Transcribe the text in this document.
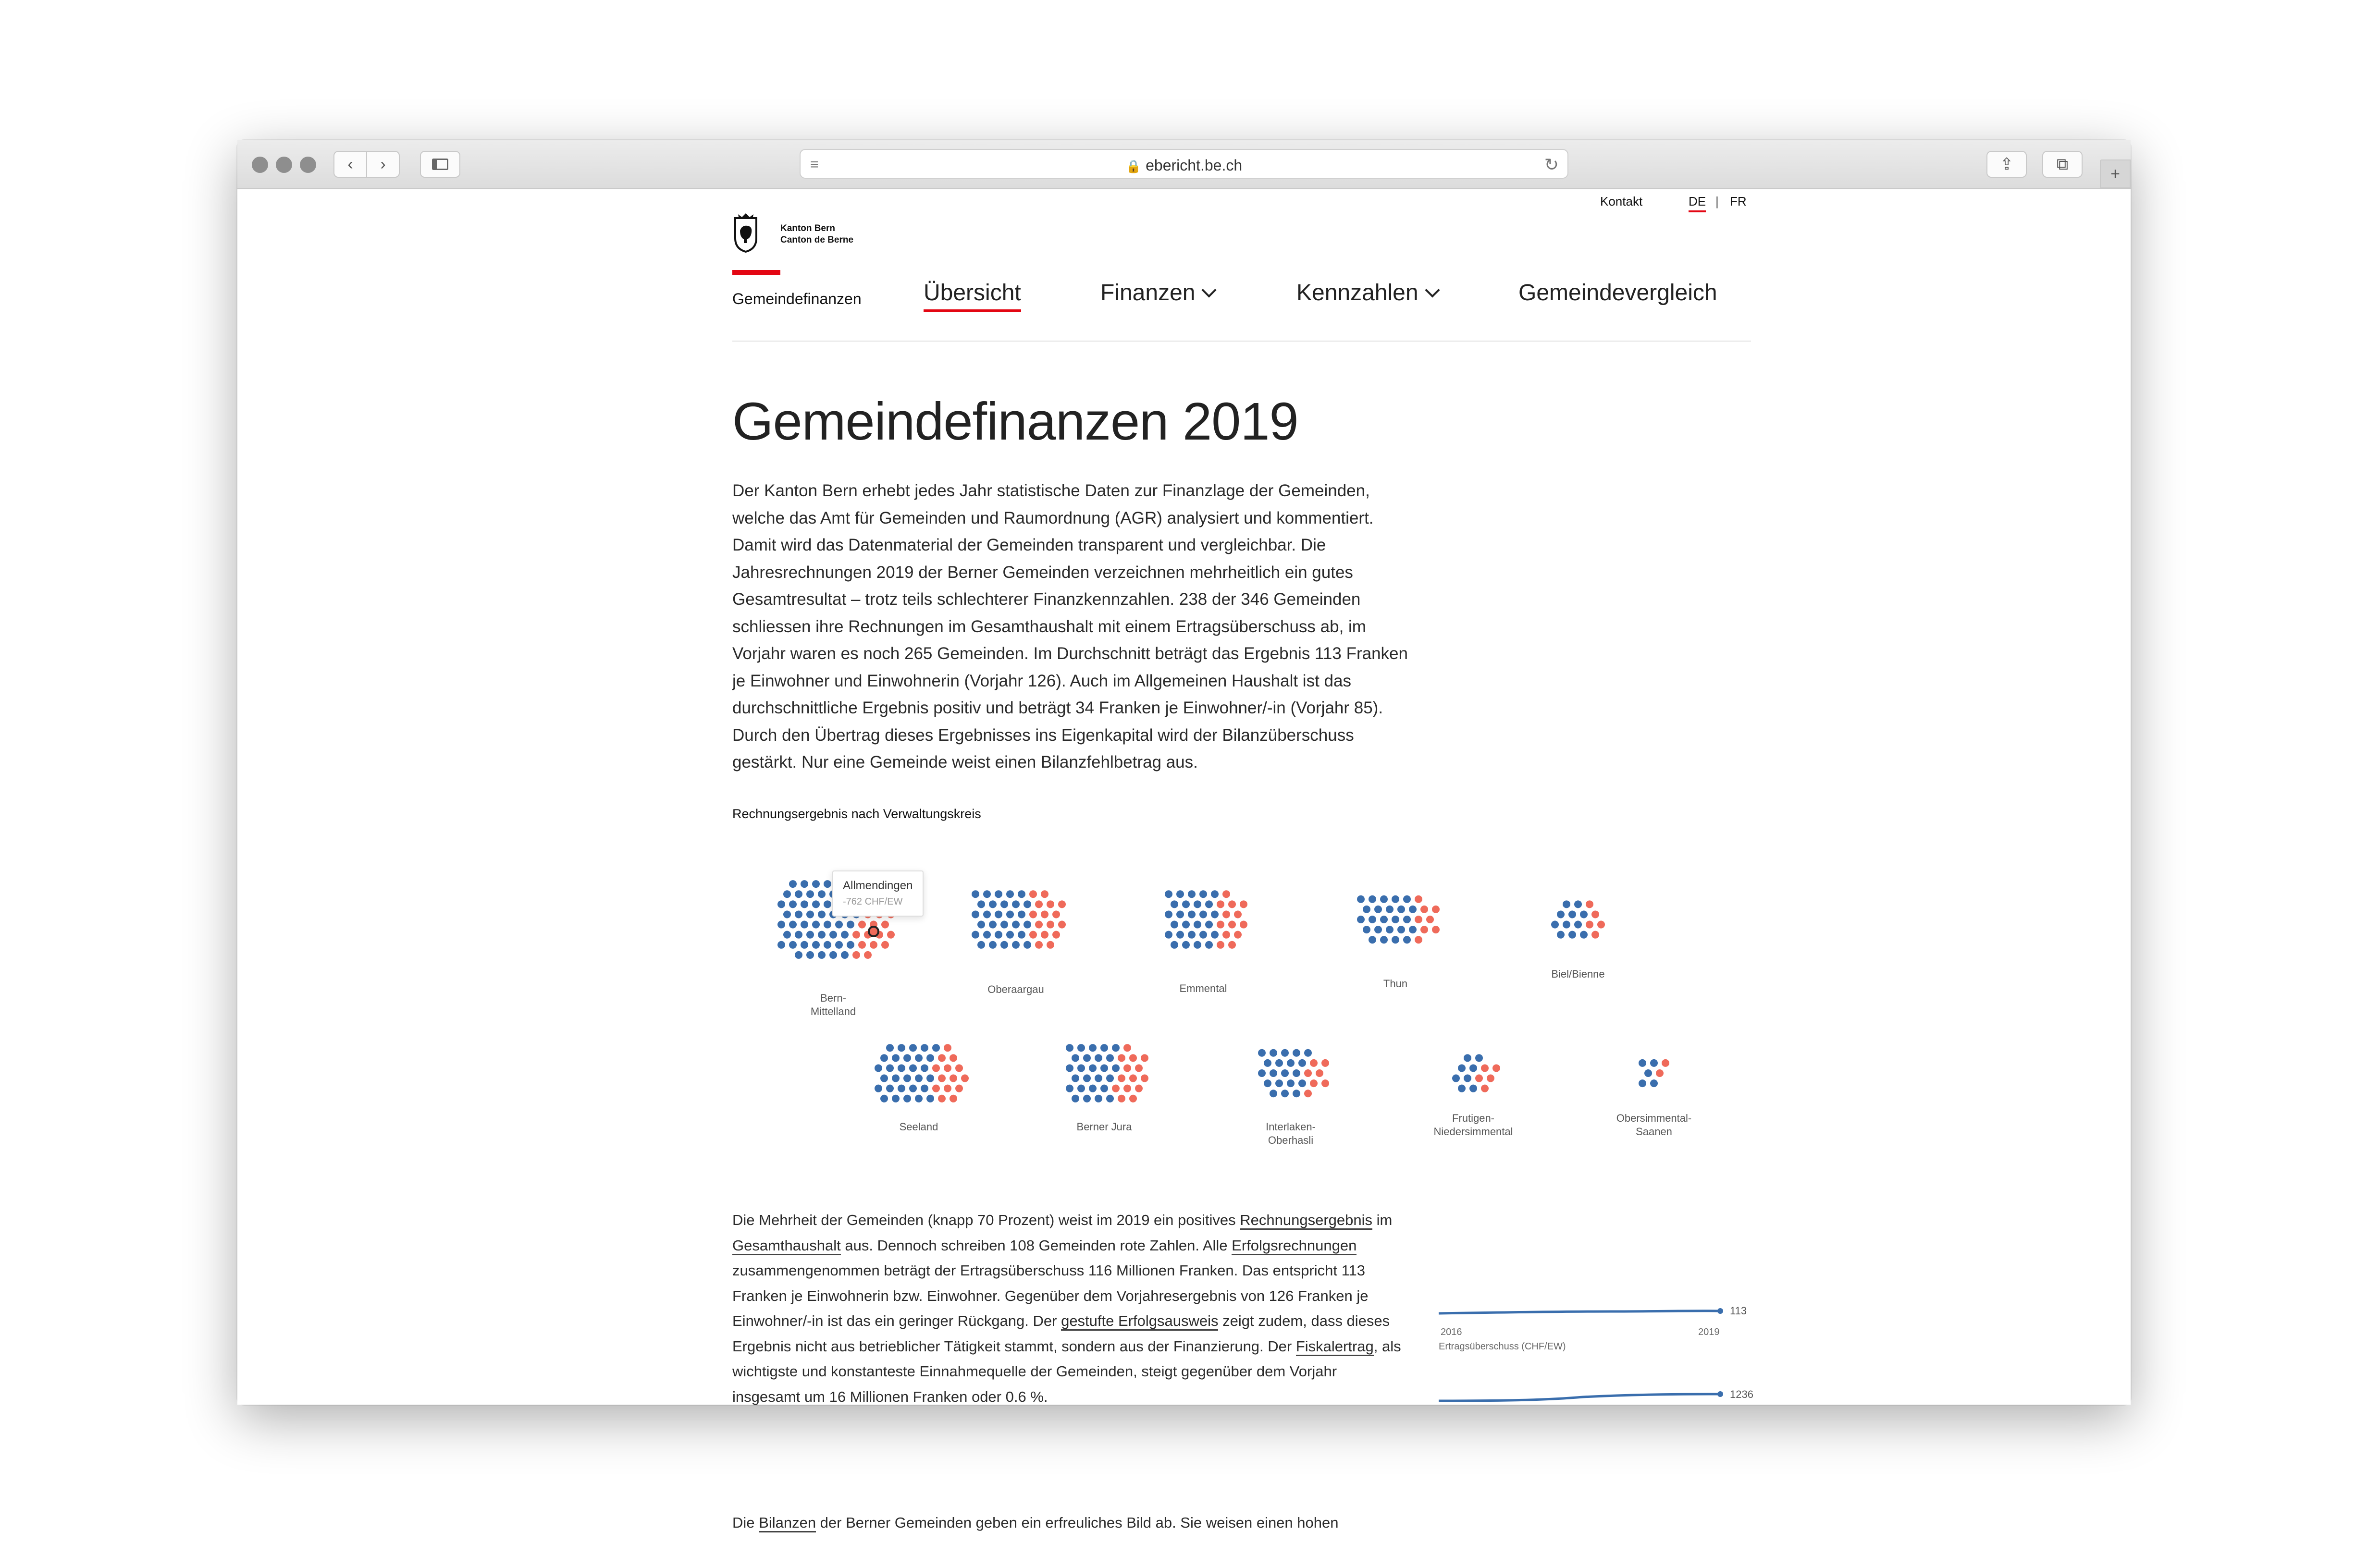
‹ ›	≡	🔒 ebericht.be.ch	↻	⇪	⧉
+
Kanton Bern
Canton de Berne
Gemeindefinanzen
Kontakt	DE | FR
Übersicht	Finanzen	Kennzahlen	Gemeindevergleich
Gemeindefinanzen 2019
Der Kanton Bern erhebt jedes Jahr statistische Daten zur Finanzlage der Gemeinden, welche das Amt für Gemeinden und Raumordnung (AGR) analysiert und kommentiert. Damit wird das Datenmaterial der Gemeinden transparent und vergleichbar. Die Jahresrechnungen 2019 der Berner Gemeinden verzeichnen mehrheitlich ein gutes Gesamtresultat – trotz teils schlechterer Finanzkennzahlen. 238 der 346 Gemeinden schliessen ihre Rechnungen im Gesamthaushalt mit einem Ertragsüberschuss ab, im Vorjahr waren es noch 265 Gemeinden. Im Durchschnitt beträgt das Ergebnis 113 Franken je Einwohner und Einwohnerin (Vorjahr 126). Auch im Allgemeinen Haushalt ist das durchschnittliche Ergebnis positiv und beträgt 34 Franken je Einwohner/-in (Vorjahr 85). Durch den Übertrag dieses Ergebnisses ins Eigenkapital wird der Bilanzüberschuss gestärkt. Nur eine Gemeinde weist einen Bilanzfehlbetrag aus.
Rechnungsergebnis nach Verwaltungskreis
Bern-
Mittelland
Oberaargau	Emmental	Thun
Biel/Bienne
Seeland	Berner Jura	Interlaken-
Oberhasli
Frutigen-
Niedersimmental
Obersimmental-
Saanen
Allmendingen
-762 CHF/EW
Die Mehrheit der Gemeinden (knapp 70 Prozent) weist im 2019 ein positives Rechnungsergebnis im Gesamthaushalt aus. Dennoch schreiben 108 Gemeinden rote Zahlen. Alle Erfolgsrechnungen zusammengenommen beträgt der Ertragsüberschuss 116 Millionen Franken. Das entspricht 113 Franken je Einwohnerin bzw. Einwohner. Gegenüber dem Vorjahresergebnis von 126 Franken je Einwohner/-in ist das ein geringer Rückgang. Der gestufte Erfolgsausweis zeigt zudem, dass dieses Ergebnis nicht aus betrieblicher Tätigkeit stammt, sondern aus der Finanzierung. Der Fiskalertrag, als wichtigste und konstanteste Einnahmequelle der Gemeinden, steigt gegenüber dem Vorjahr insgesamt um 16 Millionen Franken oder 0.6 %.
Die Bilanzen der Berner Gemeinden geben ein erfreuliches Bild ab. Sie weisen einen hohen
113
2016	2019
Ertragsüberschuss (CHF/EW)
1236
